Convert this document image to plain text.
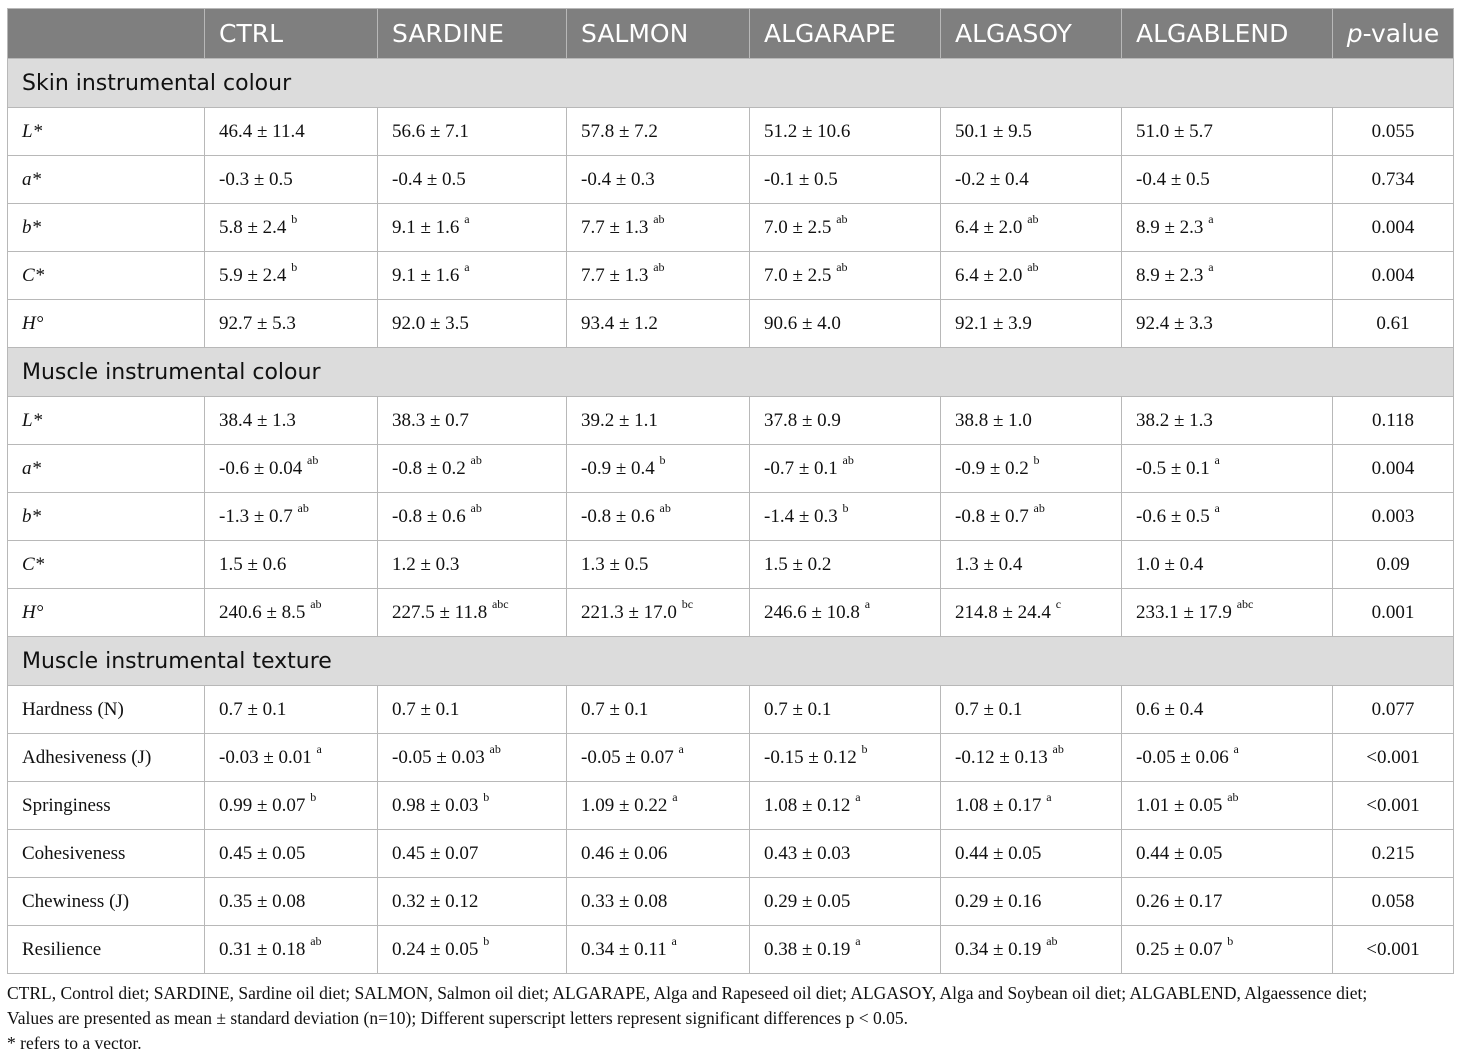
	CTRL	SARDINE	SALMON	ALGARAPE	ALGASOY	ALGABLEND	p-value
Skin instrumental colour							
L*	46.4 ± 11.4	56.6 ± 7.1	57.8 ± 7.2	51.2 ± 10.6	50.1 ± 9.5	51.0 ± 5.7	0.055
a*	-0.3 ± 0.5	-0.4 ± 0.5	-0.4 ± 0.3	-0.1 ± 0.5	-0.2 ± 0.4	-0.4 ± 0.5	0.734
b*	5.8 ± 2.4 $^b$	9.1 ± 1.6 $^a$	7.7 ± 1.3 $^{ab}$	7.0 ± 2.5 $^{ab}$	6.4 ± 2.0 $^{ab}$	8.9 ± 2.3 $^a$	0.004
C*	5.9 ± 2.4 $^b$	9.1 ± 1.6 $^a$	7.7 ± 1.3 $^{ab}$	7.0 ± 2.5 $^{ab}$	6.4 ± 2.0 $^{ab}$	8.9 ± 2.3 $^a$	0.004
H°	92.7 ± 5.3	92.0 ± 3.5	93.4 ± 1.2	90.6 ± 4.0	92.1 ± 3.9	92.4 ± 3.3	0.61
Muscle instrumental colour							
L*	38.4 ± 1.3	38.3 ± 0.7	39.2 ± 1.1	37.8 ± 0.9	38.8 ± 1.0	38.2 ± 1.3	0.118
a*	-0.6 ± 0.04 $^{ab}$	-0.8 ± 0.2 $^{ab}$	-0.9 ± 0.4 $^b$	-0.7 ± 0.1 $^{ab}$	-0.9 ± 0.2 $^b$	-0.5 ± 0.1 $^a$	0.004
b*	-1.3 ± 0.7 $^{ab}$	-0.8 ± 0.6 $^{ab}$	-0.8 ± 0.6 $^{ab}$	-1.4 ± 0.3 $^b$	-0.8 ± 0.7 $^{ab}$	-0.6 ± 0.5 $^a$	0.003
C*	1.5 ± 0.6	1.2 ± 0.3	1.3 ± 0.5	1.5 ± 0.2	1.3 ± 0.4	1.0 ± 0.4	0.09
H°	240.6 ± 8.5 $^{ab}$	227.5 ± 11.8 $^{abc}$	221.3 ± 17.0 $^{bc}$	246.6 ± 10.8 $^a$	214.8 ± 24.4 $^c$	233.1 ± 17.9 $^{abc}$	0.001
Muscle instrumental texture							
Hardness (N)	0.7 ± 0.1	0.7 ± 0.1	0.7 ± 0.1	0.7 ± 0.1	0.7 ± 0.1	0.6 ± 0.4	0.077
Adhesiveness (J)	-0.03 ± 0.01 $^a$	-0.05 ± 0.03 $^{ab}$	-0.05 ± 0.07 $^a$	-0.15 ± 0.12 $^b$	-0.12 ± 0.13 $^{ab}$	-0.05 ± 0.06 $^a$	<0.001
Springiness	0.99 ± 0.07 $^b$	0.98 ± 0.03 $^b$	1.09 ± 0.22 $^a$	1.08 ± 0.12 $^a$	1.08 ± 0.17 $^a$	1.01 ± 0.05 $^{ab}$	<0.001
Cohesiveness	0.45 ± 0.05	0.45 ± 0.07	0.46 ± 0.06	0.43 ± 0.03	0.44 ± 0.05	0.44 ± 0.05	0.215
Chewiness (J)	0.35 ± 0.08	0.32 ± 0.12	0.33 ± 0.08	0.29 ± 0.05	0.29 ± 0.16	0.26 ± 0.17	0.058
Resilience	0.31 ± 0.18 $^{ab}$	0.24 ± 0.05 $^b$	0.34 ± 0.11 $^a$	0.38 ± 0.19 $^a$	0.34 ± 0.19 $^{ab}$	0.25 ± 0.07 $^b$	<0.001
CTRL, Control diet; SARDINE, Sardine oil diet; SALMON, Salmon oil diet; ALGARAPE, Alga and Rapeseed oil diet; ALGASOY, Alga and Soybean oil diet; ALGABLEND, Algaessence diet;
Values are presented as mean ± standard deviation (n=10); Different superscript letters represent significant differences p < 0.05.
* refers to a vector.
